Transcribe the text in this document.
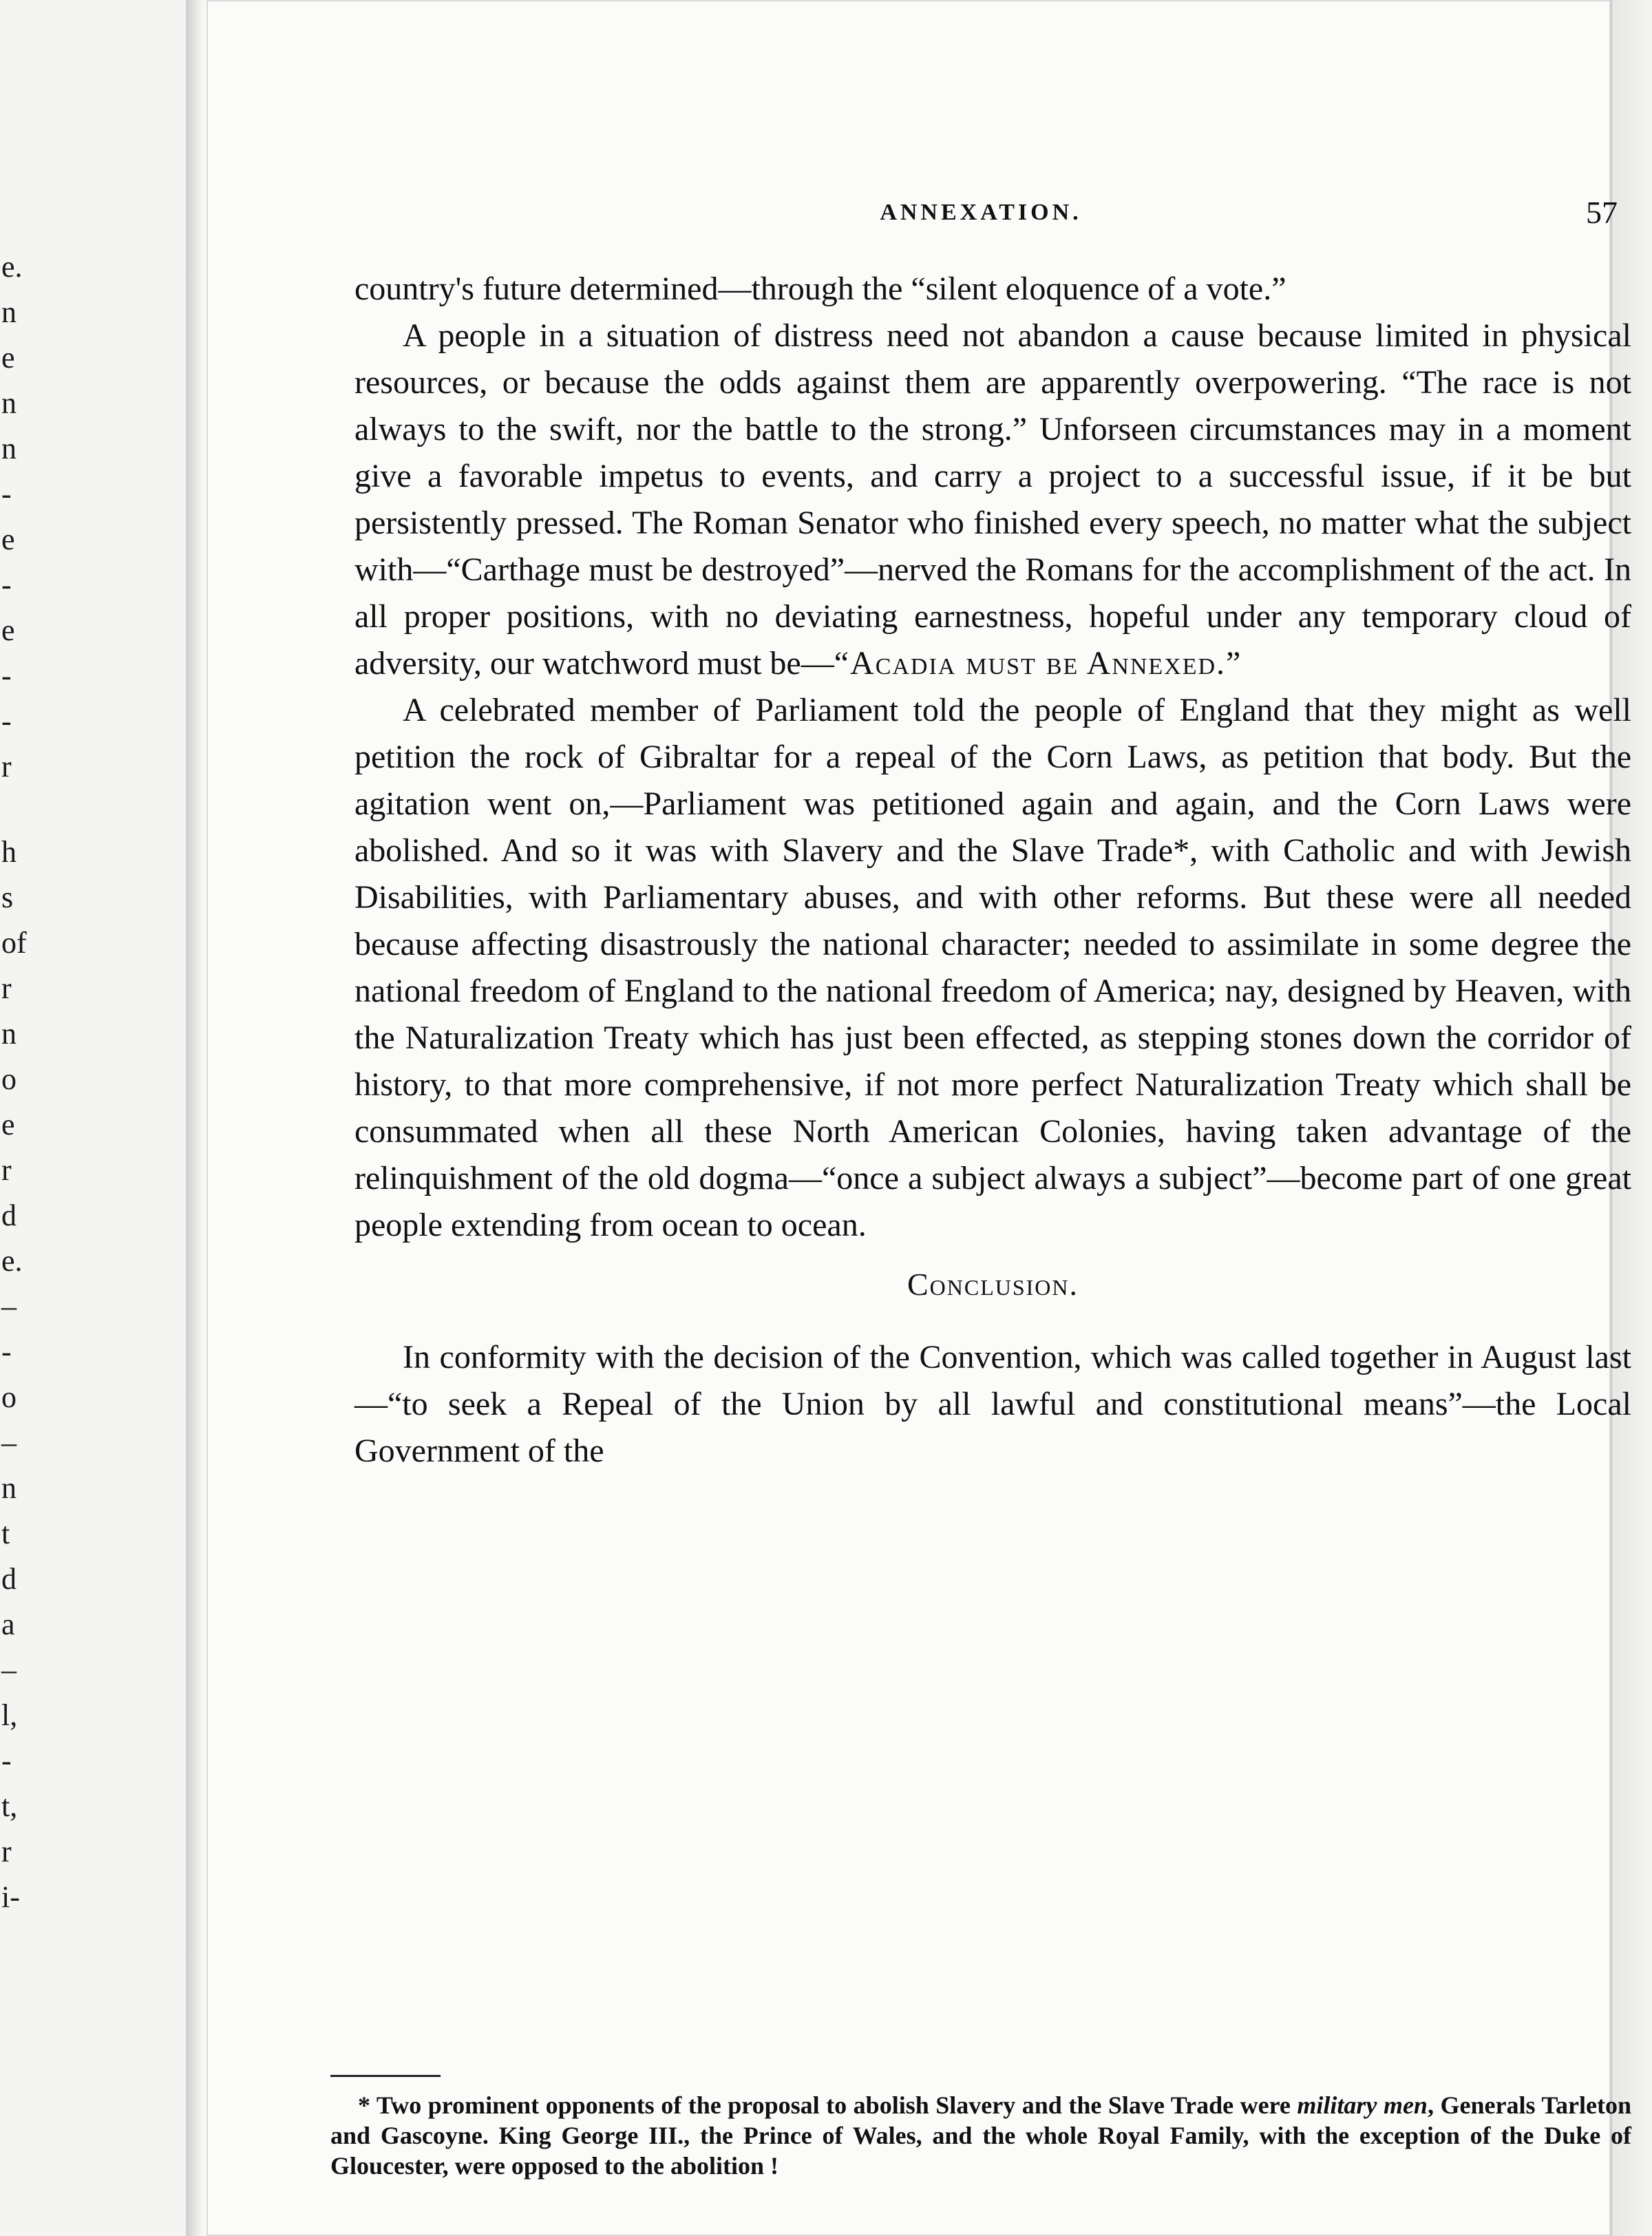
e.
n
e
n
n
-
e
-
e
-
-
r
h
s
of
r
n
o
e
r
d
e.
–
-
o
–
n
t
d
a
–
l,
-
t,
r
i-
ANNEXATION.	57

country's future determined—through the “silent eloquence of a vote.”

A people in a situation of distress need not abandon a cause because limited in physical resources, or because the odds against them are apparently overpowering. “The race is not always to the swift, nor the battle to the strong.” Unforseen circumstances may in a moment give a favorable impetus to events, and carry a project to a successful issue, if it be but persistently pressed. The Roman Senator who finished every speech, no matter what the subject with—“Carthage must be destroyed”—nerved the Romans for the accomplishment of the act. In all proper positions, with no deviating earnestness, hopeful under any temporary cloud of adversity, our watchword must be—“Acadia must be Annexed.”

A celebrated member of Parliament told the people of England that they might as well petition the rock of Gibraltar for a repeal of the Corn Laws, as petition that body. But the agitation went on,—Parliament was petitioned again and again, and the Corn Laws were abolished. And so it was with Slavery and the Slave Trade*, with Catholic and with Jewish Disabilities, with Parliamentary abuses, and with other reforms. But these were all needed because affecting disastrously the national character; needed to assimilate in some degree the national freedom of England to the national freedom of America; nay, designed by Heaven, with the Naturalization Treaty which has just been effected, as stepping stones down the corridor of history, to that more comprehensive, if not more perfect Naturalization Treaty which shall be consummated when all these North American Colonies, having taken advantage of the relinquishment of the old dogma—“once a subject always a subject”—become part of one great people extending from ocean to ocean.

Conclusion.

In conformity with the decision of the Convention, which was called together in August last—“to seek a Repeal of the Union by all lawful and constitutional means”—the Local Government of the

* Two prominent opponents of the proposal to abolish Slavery and the Slave Trade were military men, Generals Tarleton and Gascoyne. King George III., the Prince of Wales, and the whole Royal Family, with the exception of the Duke of Gloucester, were opposed to the abolition !
